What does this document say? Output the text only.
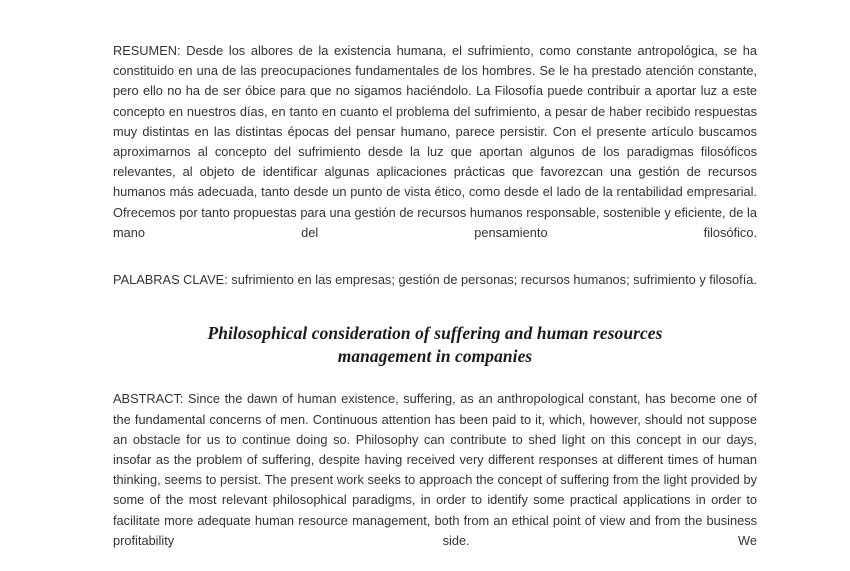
RESUMEN: Desde los albores de la existencia humana, el sufrimiento, como constante antropológica, se ha constituido en una de las preocupaciones fundamentales de los hombres. Se le ha prestado atención constante, pero ello no ha de ser óbice para que no sigamos haciéndolo. La Filosofía puede contribuir a aportar luz a este concepto en nuestros días, en tanto en cuanto el problema del sufrimiento, a pesar de haber recibido respuestas muy distintas en las distintas épocas del pensar humano, parece persistir. Con el presente artículo buscamos aproximarnos al concepto del sufrimiento desde la luz que aportan algunos de los paradigmas filosóficos relevantes, al objeto de identificar algunas aplicaciones prácticas que favorezcan una gestión de recursos humanos más adecuada, tanto desde un punto de vista ético, como desde el lado de la rentabilidad empresarial. Ofrecemos por tanto propuestas para una gestión de recursos humanos responsable, sostenible y eficiente, de la mano del pensamiento filosófico.

PALABRAS CLAVE: sufrimiento en las empresas; gestión de personas; recursos humanos; sufrimiento y filosofía.

Philosophical consideration of suffering and human resources
management in companies

ABSTRACT: Since the dawn of human existence, suffering, as an anthropological constant, has become one of the fundamental concerns of men. Continuous attention has been paid to it, which, however, should not suppose an obstacle for us to continue doing so. Philosophy can contribute to shed light on this concept in our days, insofar as the problem of suffering, despite having received very different responses at different times of human thinking, seems to persist. The present work seeks to approach the concept of suffering from the light provided by some of the most relevant philosophical paradigms, in order to identify some practical applications in order to facilitate more adequate human resource management, both from an ethical point of view and from the business profitability side. We
